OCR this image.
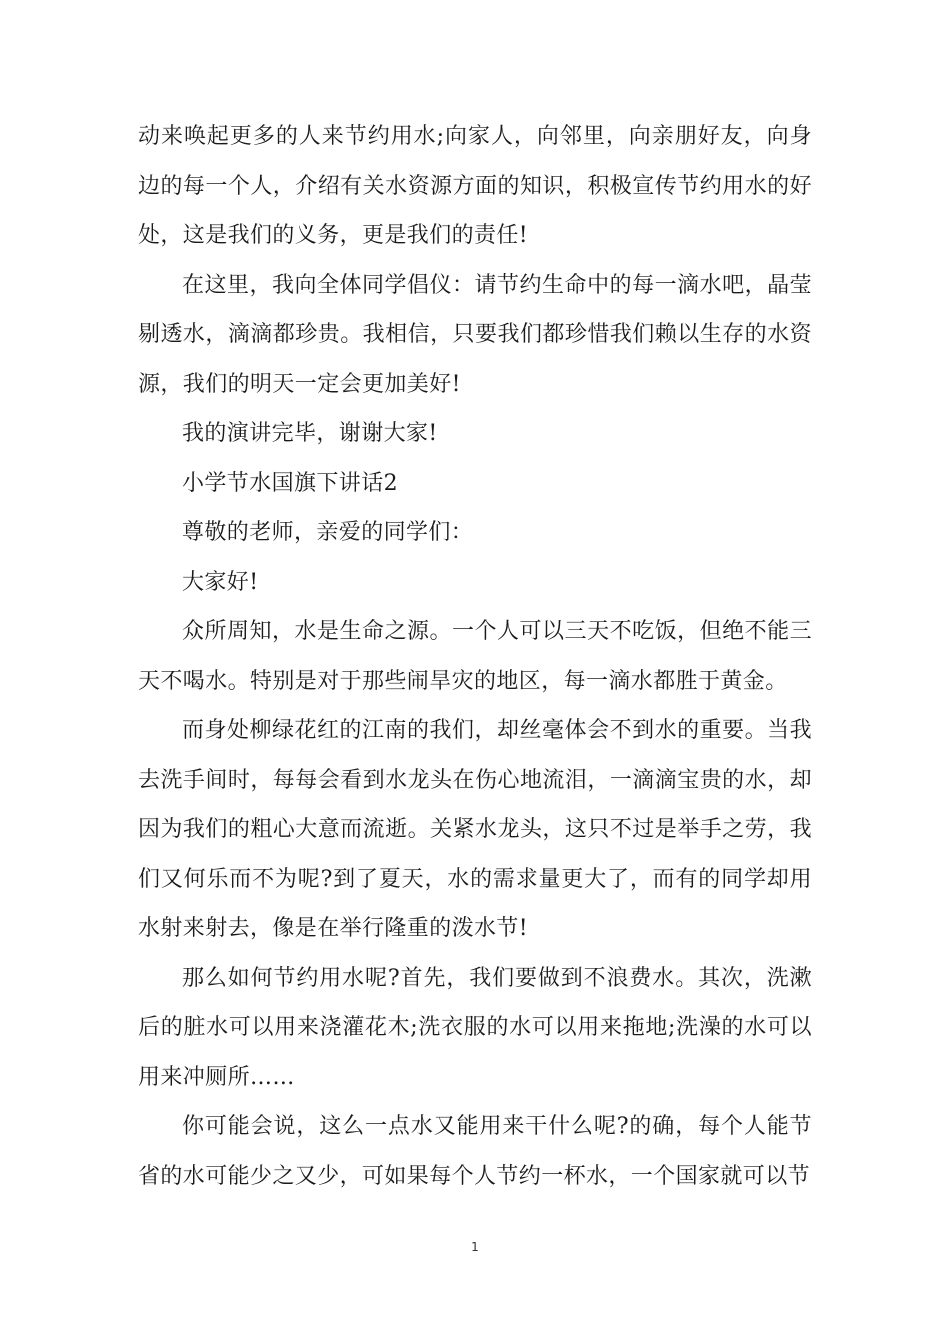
动来唤起更多的人来节约用水;向家人，向邻里，向亲朋好友，向身边的每一个人，介绍有关水资源方面的知识，积极宣传节约用水的好处，这是我们的义务，更是我们的责任!

在这里，我向全体同学倡仪：请节约生命中的每一滴水吧，晶莹剔透水，滴滴都珍贵。我相信，只要我们都珍惜我们赖以生存的水资源，我们的明天一定会更加美好!

我的演讲完毕，谢谢大家!

小学节水国旗下讲话2

尊敬的老师，亲爱的同学们：

大家好!

众所周知，水是生命之源。一个人可以三天不吃饭，但绝不能三天不喝水。特别是对于那些闹旱灾的地区，每一滴水都胜于黄金。

而身处柳绿花红的江南的我们，却丝毫体会不到水的重要。当我去洗手间时，每每会看到水龙头在伤心地流泪，一滴滴宝贵的水，却因为我们的粗心大意而流逝。关紧水龙头，这只不过是举手之劳，我们又何乐而不为呢?到了夏天，水的需求量更大了，而有的同学却用水射来射去，像是在举行隆重的泼水节!

那么如何节约用水呢?首先，我们要做到不浪费水。其次，洗漱后的脏水可以用来浇灌花木;洗衣服的水可以用来拖地;洗澡的水可以用来冲厕所……

你可能会说，这么一点水又能用来干什么呢?的确，每个人能节省的水可能少之又少，可如果每个人节约一杯水，一个国家就可以节

1
